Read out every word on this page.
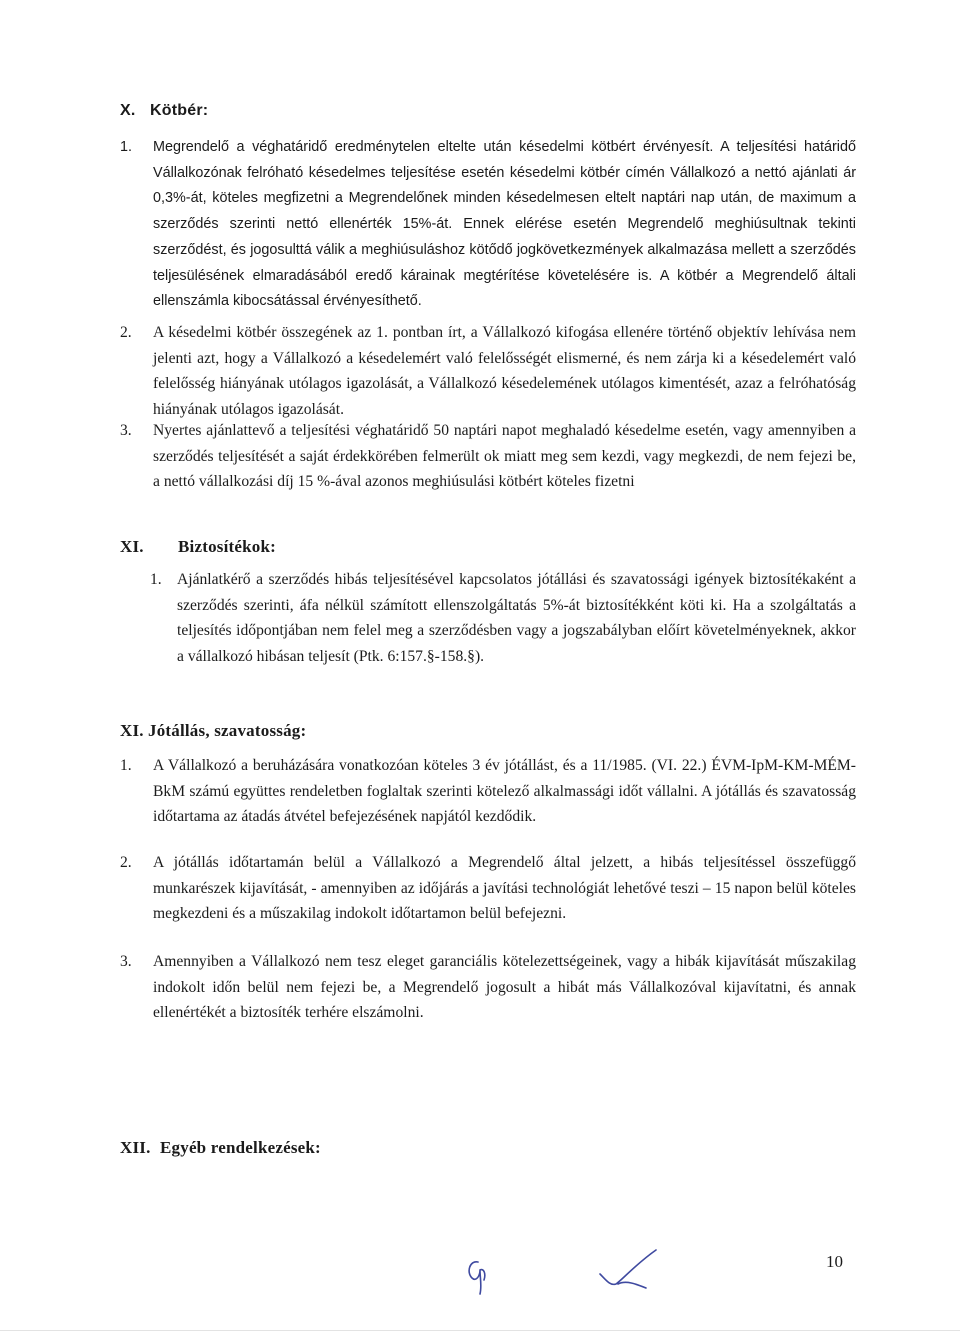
X. Kötbér:
1.	Megrendelő a véghatáridő eredménytelen eltelte után késedelmi kötbért érvényesít. A teljesítési határidő Vállalkozónak felróható késedelmes teljesítése esetén késedelmi kötbér címén Vállalkozó a nettó ajánlati ár 0,3%-át, köteles megfizetni a Megrendelőnek minden késedelmesen eltelt naptári nap után, de maximum a szerződés szerinti nettó ellenérték 15%-át. Ennek elérése esetén Megrendelő meghiúsultnak tekinti szerződést, és jogosulttá válik a meghiúsuláshoz kötődő jogkövetkezmények alkalmazása mellett a szerződés teljesülésének elmaradásából eredő kárainak megtérítése követelésére is. A kötbér a Megrendelő általi ellenszámla kibocsátással érvényesíthető.
2.	A késedelmi kötbér összegének az 1. pontban írt, a Vállalkozó kifogása ellenére történő objektív lehívása nem jelenti azt, hogy a Vállalkozó a késedelemért való felelősségét elismerné, és nem zárja ki a késedelemért való felelősség hiányának utólagos igazolását, a Vállalkozó késedelemének utólagos kimentését, azaz a felróhatóság hiányának utólagos igazolását.
3.	Nyertes ajánlattevő a teljesítési véghatáridő 50 naptári napot meghaladó késedelme esetén, vagy amennyiben a szerződés teljesítését a saját érdekkörében felmerült ok miatt meg sem kezdi, vagy megkezdi, de nem fejezi be, a nettó vállalkozási díj 15 %-ával azonos meghiúsulási kötbért köteles fizetni
XI. Biztosítékok:
1. Ajánlatkérő a szerződés hibás teljesítésével kapcsolatos jótállási és szavatossági igények biztosítékaként a szerződés szerinti, áfa nélkül számított ellenszolgáltatás 5%-át biztosítékként köti ki. Ha a szolgáltatás a teljesítés időpontjában nem felel meg a szerződésben vagy a jogszabályban előírt követelményeknek, akkor a vállalkozó hibásan teljesít (Ptk. 6:157.§-158.§).
XI. Jótállás, szavatosság:
1.	A Vállalkozó a beruházására vonatkozóan köteles 3 év jótállást, és a 11/1985. (VI. 22.) ÉVM-IpM-KM-MÉM-BkM számú együttes rendeletben foglaltak szerinti kötelező alkalmassági időt vállalni. A jótállás és szavatosság időtartama az átadás átvétel befejezésének napjától kezdődik.
2.	A jótállás időtartamán belül a Vállalkozó a Megrendelő által jelzett, a hibás teljesítéssel összefüggő munkarészek kijavítását, - amennyiben az időjárás a javítási technológiát lehetővé teszi – 15 napon belül köteles megkezdeni és a műszakilag indokolt időtartamon belül befejezni.
3.	Amennyiben a Vállalkozó nem tesz eleget garanciális kötelezettségeinek, vagy a hibák kijavítását műszakilag indokolt időn belül nem fejezi be, a Megrendelő jogosult a hibát más Vállalkozóval kijavítatni, és annak ellenértékét a biztosíték terhére elszámolni.
XII. Egyéb rendelkezések:
10
